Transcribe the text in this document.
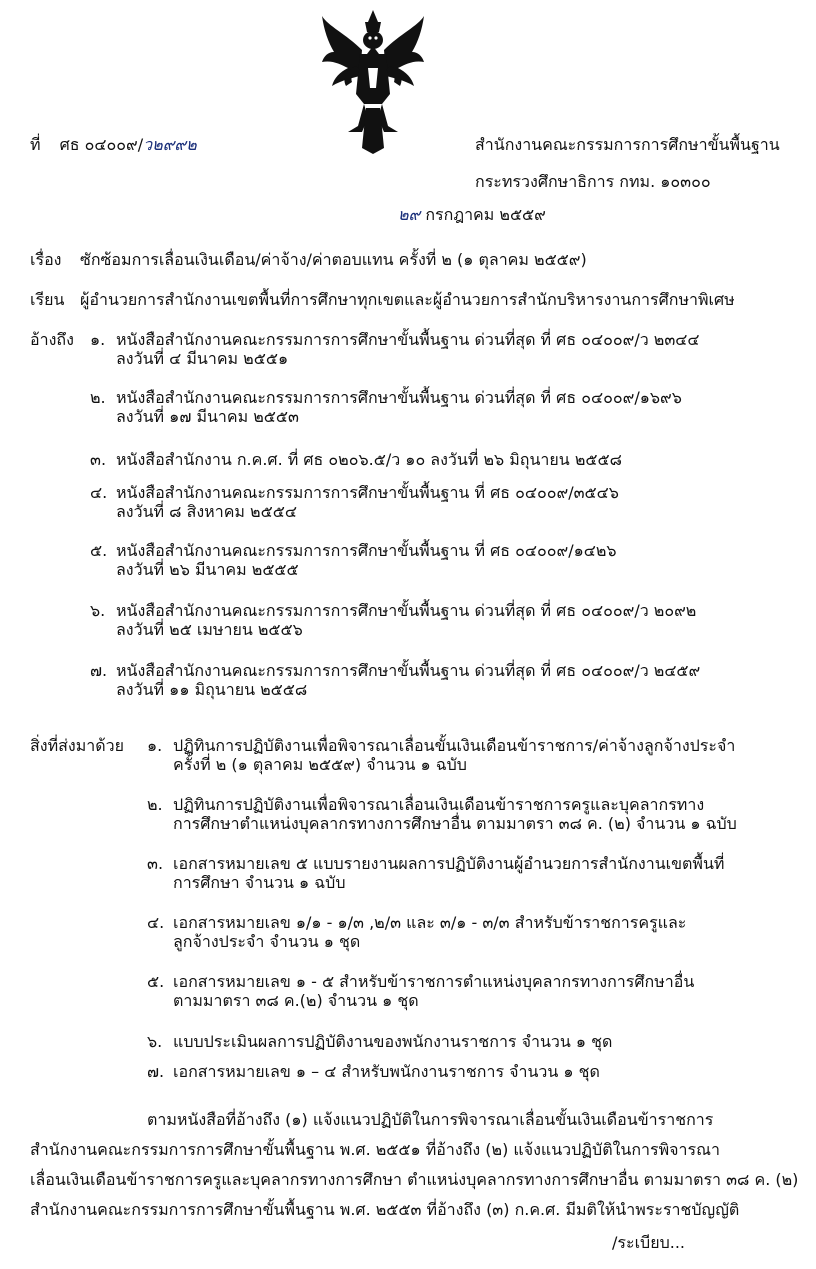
ที่ ศธ ๐๔๐๐๙/ว๒๙๙๒	สำนักงานคณะกรรมการการศึกษาขั้นพื้นฐาน
กระทรวงศึกษาธิการ กทม. ๑๐๓๐๐
๒๙ กรกฎาคม ๒๕๕๙
เรื่อง	ซักซ้อมการเลื่อนเงินเดือน/ค่าจ้าง/ค่าตอบแทน ครั้งที่ ๒ (๑ ตุลาคม ๒๕๕๙)
เรียน ผู้อำนวยการสำนักงานเขตพื้นที่การศึกษาทุกเขตและผู้อำนวยการสำนักบริหารงานการศึกษาพิเศษ
อ้างถึง ๑. หนังสือสำนักงานคณะกรรมการการศึกษาขั้นพื้นฐาน ด่วนที่สุด ที่ ศธ ๐๔๐๐๙/ว ๒๓๔๔
ลงวันที่ ๔ มีนาคม ๒๕๕๑
๒. หนังสือสำนักงานคณะกรรมการการศึกษาขั้นพื้นฐาน ด่วนที่สุด ที่ ศธ ๐๔๐๐๙/๑๖๙๖
ลงวันที่ ๑๗ มีนาคม ๒๕๕๓
๓. หนังสือสำนักงาน ก.ค.ศ. ที่ ศธ ๐๒๐๖.๕/ว ๑๐ ลงวันที่ ๒๖ มิถุนายน ๒๕๕๘
๔. หนังสือสำนักงานคณะกรรมการการศึกษาขั้นพื้นฐาน ที่ ศธ ๐๔๐๐๙/๓๕๔๖
ลงวันที่ ๘ สิงหาคม ๒๕๕๔
๕. หนังสือสำนักงานคณะกรรมการการศึกษาขั้นพื้นฐาน ที่ ศธ ๐๔๐๐๙/๑๔๒๖
ลงวันที่ ๒๖ มีนาคม ๒๕๕๕
๖. หนังสือสำนักงานคณะกรรมการการศึกษาขั้นพื้นฐาน ด่วนที่สุด ที่ ศธ ๐๔๐๐๙/ว ๒๐๙๒
ลงวันที่ ๒๕ เมษายน ๒๕๕๖
๗. หนังสือสำนักงานคณะกรรมการการศึกษาขั้นพื้นฐาน ด่วนที่สุด ที่ ศธ ๐๔๐๐๙/ว ๒๔๕๙
ลงวันที่ ๑๑ มิถุนายน ๒๕๕๘
สิ่งที่ส่งมาด้วย ๑. ปฏิทินการปฏิบัติงานเพื่อพิจารณาเลื่อนขั้นเงินเดือนข้าราชการ/ค่าจ้างลูกจ้างประจำ
ครั้งที่ ๒ (๑ ตุลาคม ๒๕๕๙) จำนวน ๑ ฉบับ
๒. ปฏิทินการปฏิบัติงานเพื่อพิจารณาเลื่อนเงินเดือนข้าราชการครูและบุคลากรทาง
การศึกษาตำแหน่งบุคลากรทางการศึกษาอื่น ตามมาตรา ๓๘ ค. (๒) จำนวน ๑ ฉบับ
๓. เอกสารหมายเลข ๕ แบบรายงานผลการปฏิบัติงานผู้อำนวยการสำนักงานเขตพื้นที่
การศึกษา จำนวน ๑ ฉบับ
๔. เอกสารหมายเลข ๑/๑ - ๑/๓ ,๒/๓ และ ๓/๑ - ๓/๓ สำหรับข้าราชการครูและ
ลูกจ้างประจำ จำนวน ๑ ชุด
๕. เอกสารหมายเลข ๑ - ๕ สำหรับข้าราชการตำแหน่งบุคลากรทางการศึกษาอื่น
ตามมาตรา ๓๘ ค.(๒) จำนวน ๑ ชุด
๖. แบบประเมินผลการปฏิบัติงานของพนักงานราชการ จำนวน ๑ ชุด
๗. เอกสารหมายเลข ๑ – ๔ สำหรับพนักงานราชการ จำนวน ๑ ชุด

ตามหนังสือที่อ้างถึง (๑) แจ้งแนวปฏิบัติในการพิจารณาเลื่อนขั้นเงินเดือนข้าราชการ

สำนักงานคณะกรรมการการศึกษาขั้นพื้นฐาน พ.ศ. ๒๕๕๑ ที่อ้างถึง (๒) แจ้งแนวปฏิบัติในการพิจารณา

เลื่อนเงินเดือนข้าราชการครูและบุคลากรทางการศึกษา ตำแหน่งบุคลากรทางการศึกษาอื่น ตามมาตรา ๓๘ ค. (๒)

สำนักงานคณะกรรมการการศึกษาขั้นพื้นฐาน พ.ศ. ๒๕๕๓ ที่อ้างถึง (๓) ก.ค.ศ. มีมติให้นำพระราชบัญญัติ

/ระเบียบ...
